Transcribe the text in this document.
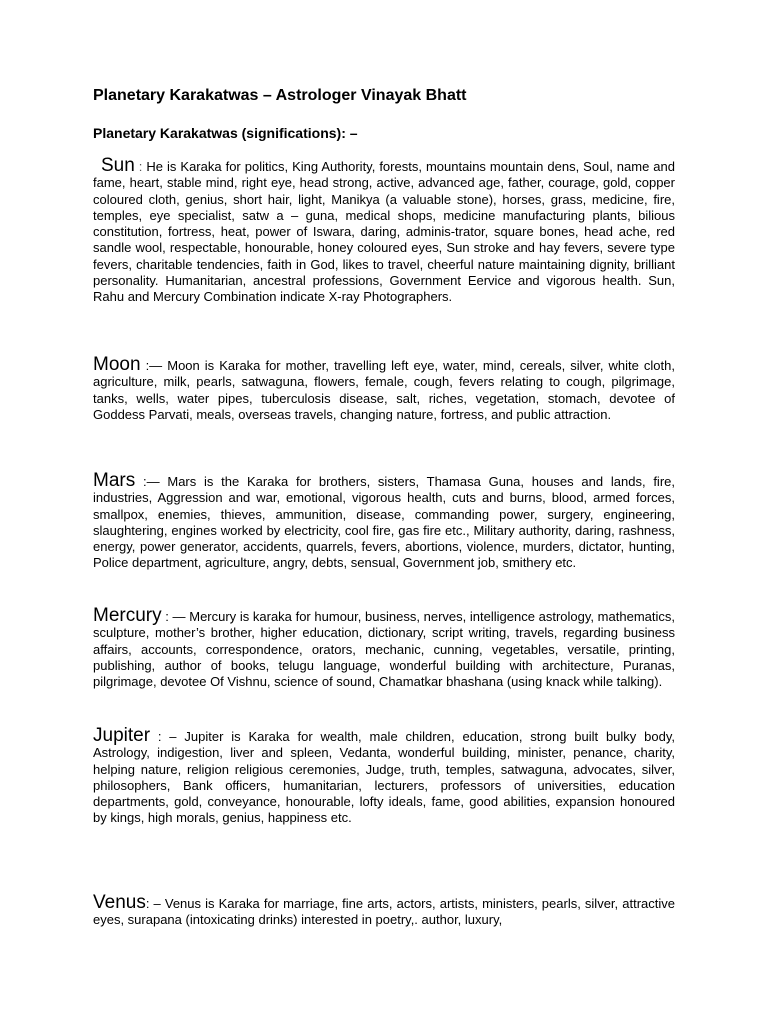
Planetary Karakatwas – Astrologer Vinayak Bhatt
Planetary Karakatwas (significations): –

Sun : He is Karaka for politics, King Authority, forests, mountains mountain dens, Soul, name and fame, heart, stable mind, right eye, head strong, active, advanced age, father, courage, gold, copper coloured cloth, genius, short hair, light, Manikya (a valuable stone), horses, grass, medicine, fire, temples, eye specialist, satw a – guna, medical shops, medicine manufacturing plants, bilious constitution, fortress, heat, power of Iswara, daring, adminis-trator, square bones, head ache, red sandle wool, respectable, honourable, honey coloured eyes, Sun stroke and hay fevers, severe type fevers, charitable tendencies, faith in God, likes to travel, cheerful nature maintaining dignity, brilliant personality. Humanitarian, ancestral professions, Government Eervice and vigorous health. Sun, Rahu and Mercury Combination indicate X-ray Photographers.

Moon :— Moon is Karaka for mother, travelling left eye, water, mind, cereals, silver, white cloth, agriculture, milk, pearls, satwaguna, flowers, female, cough, fevers relating to cough, pilgrimage, tanks, wells, water pipes, tuberculosis disease, salt, riches, vegetation, stomach, devotee of Goddess Parvati, meals, overseas travels, changing nature, fortress, and public attraction.

Mars :— Mars is the Karaka for brothers, sisters, Thamasa Guna, houses and lands, fire, industries, Aggression and war, emotional, vigorous health, cuts and burns, blood, armed forces, smallpox, enemies, thieves, ammunition, disease, commanding power, surgery, engineering, slaughtering, engines worked by electricity, cool fire, gas fire etc., Military authority, daring, rashness, energy, power generator, accidents, quarrels, fevers, abortions, violence, murders, dictator, hunting, Police department, agriculture, angry, debts, sensual, Government job, smithery etc.

Mercury : — Mercury is karaka for humour, business, nerves, intelligence astrology, mathematics, sculpture, mother’s brother, higher education, dictionary, script writing, travels, regarding business affairs, accounts, correspondence, orators, mechanic, cunning, vegetables, versatile, printing, publishing, author of books, telugu language, wonderful building with architecture, Puranas, pilgrimage, devotee Of Vishnu, science of sound, Chamatkar bhashana (using knack while talking).

Jupiter : – Jupiter is Karaka for wealth, male children, education, strong built bulky body, Astrology, indigestion, liver and spleen, Vedanta, wonderful building, minister, penance, charity, helping nature, religion religious ceremonies, Judge, truth, temples, satwaguna, advocates, silver, philosophers, Bank officers, humanitarian, lecturers, professors of universities, education departments, gold, conveyance, honourable, lofty ideals, fame, good abilities, expansion honoured by kings, high morals, genius, happiness etc.

Venus: – Venus is Karaka for marriage, fine arts, actors, artists, ministers, pearls, silver, attractive eyes, surapana (intoxicating drinks) interested in poetry,. author, luxury,
